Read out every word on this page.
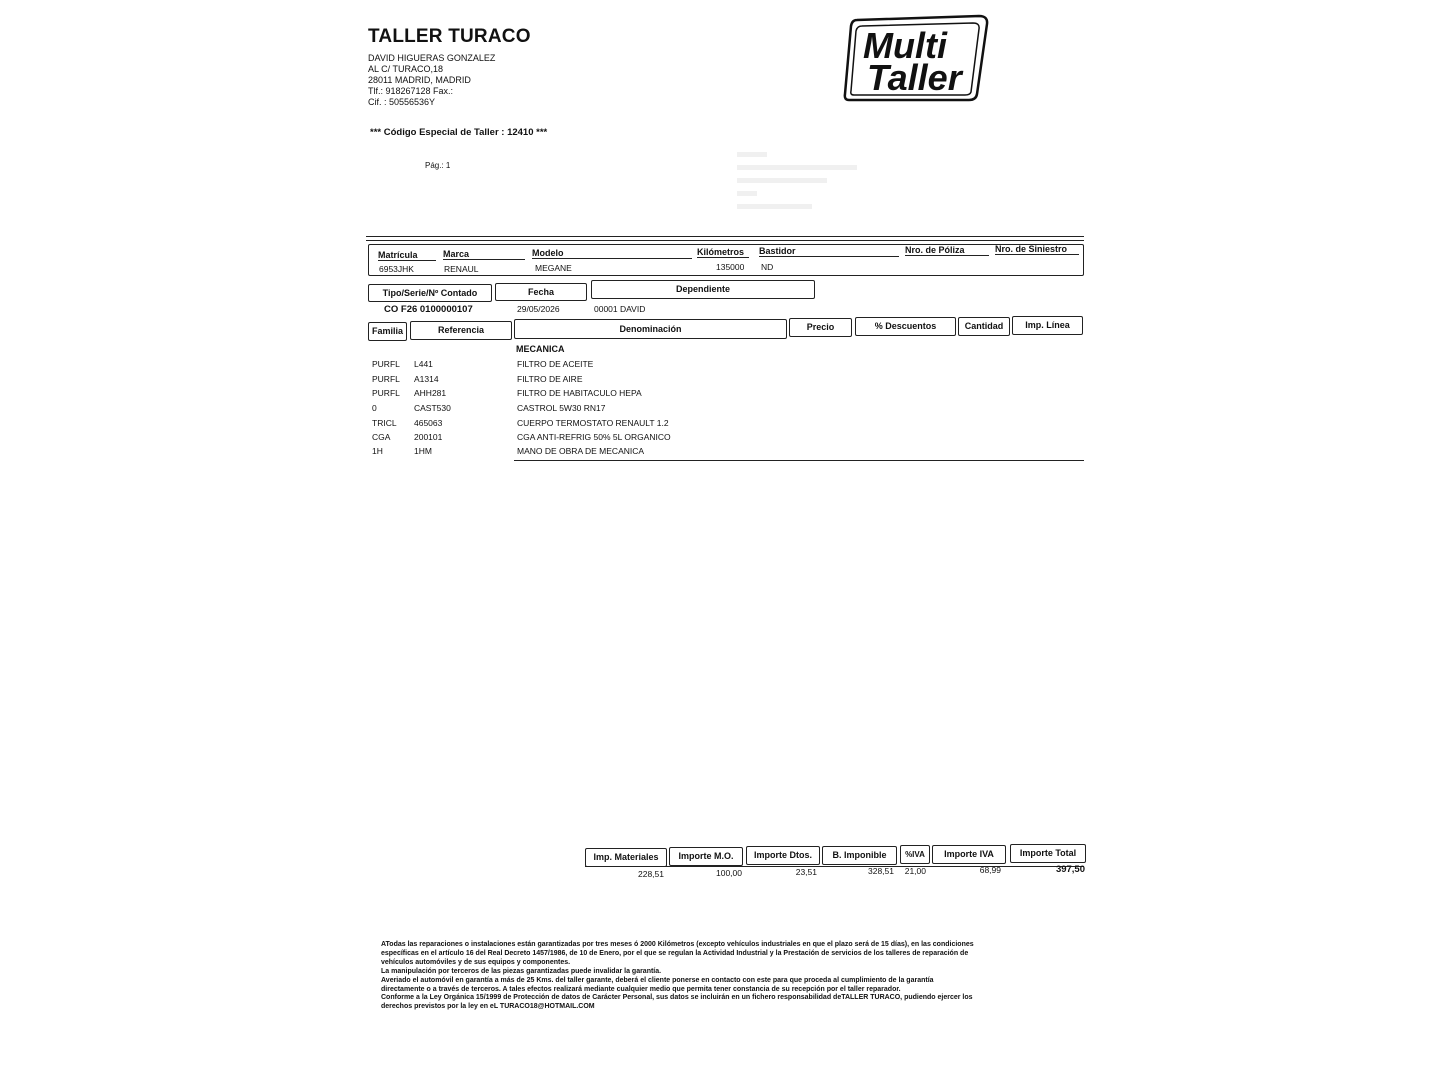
TALLER TURACO
DAVID HIGUERAS GONZALEZ
AL C/ TURACO,18
28011 MADRID, MADRID
Tlf.: 918267128 Fax.:
Cif. : 50556536Y
*** Código Especial de Taller : 12410 ***
Pág.: 1
Multi
Taller
Matrícula	Marca	Modelo	Kilómetros	Bastidor	Nro. de Póliza	Nro. de Siniestro
6953JHK	RENAUL	MEGANE	135000 ND
Tipo/Serie/Nº Contado	Fecha	Dependiente
CO F26 0100000107	29/05/2026	00001 DAVID
Familia	Referencia	Denominación	Precio	% Descuentos	Cantidad	Imp. Línea
MECANICA
PURFL L441	FILTRO DE ACEITE
PURFL A1314	FILTRO DE AIRE
PURFL AHH281	FILTRO DE HABITACULO HEPA
0	CAST530	CASTROL 5W30 RN17
TRICL 465063	CUERPO TERMOSTATO RENAULT 1.2
CGA	200101	CGA ANTI-REFRIG 50% 5L ORGANICO
1H	1HM	MANO DE OBRA DE MECANICA
Imp. Materiales	Importe M.O.	Importe Dtos.	B. Imponible	%IVA	Importe IVA	Importe Total
228,51	100,00	23,51	328,51 21,00	68,99	397,50
ATodas las reparaciones o instalaciones están garantizadas por tres meses ó 2000 Kilómetros (excepto vehículos industriales en que el plazo será de 15 días), en las condiciones
específicas en el artículo 16 del Real Decreto 1457/1986, de 10 de Enero, por el que se regulan la Actividad Industrial y la Prestación de servicios de los talleres de reparación de
vehículos automóviles y de sus equipos y componentes.
La manipulación por terceros de las piezas garantizadas puede invalidar la garantía.
Averiado el automóvil en garantía a más de 25 Kms. del taller garante, deberá el cliente ponerse en contacto con este para que proceda al cumplimiento de la garantía
directamente o a través de terceros. A tales efectos realizará mediante cualquier medio que permita tener constancia de su recepción por el taller reparador.
Conforme a la Ley Orgánica 15/1999 de Protección de datos de Carácter Personal, sus datos se incluirán en un fichero responsabilidad deTALLER TURACO, pudiendo ejercer los
derechos previstos por la ley en eL TURACO18@HOTMAIL.COM
